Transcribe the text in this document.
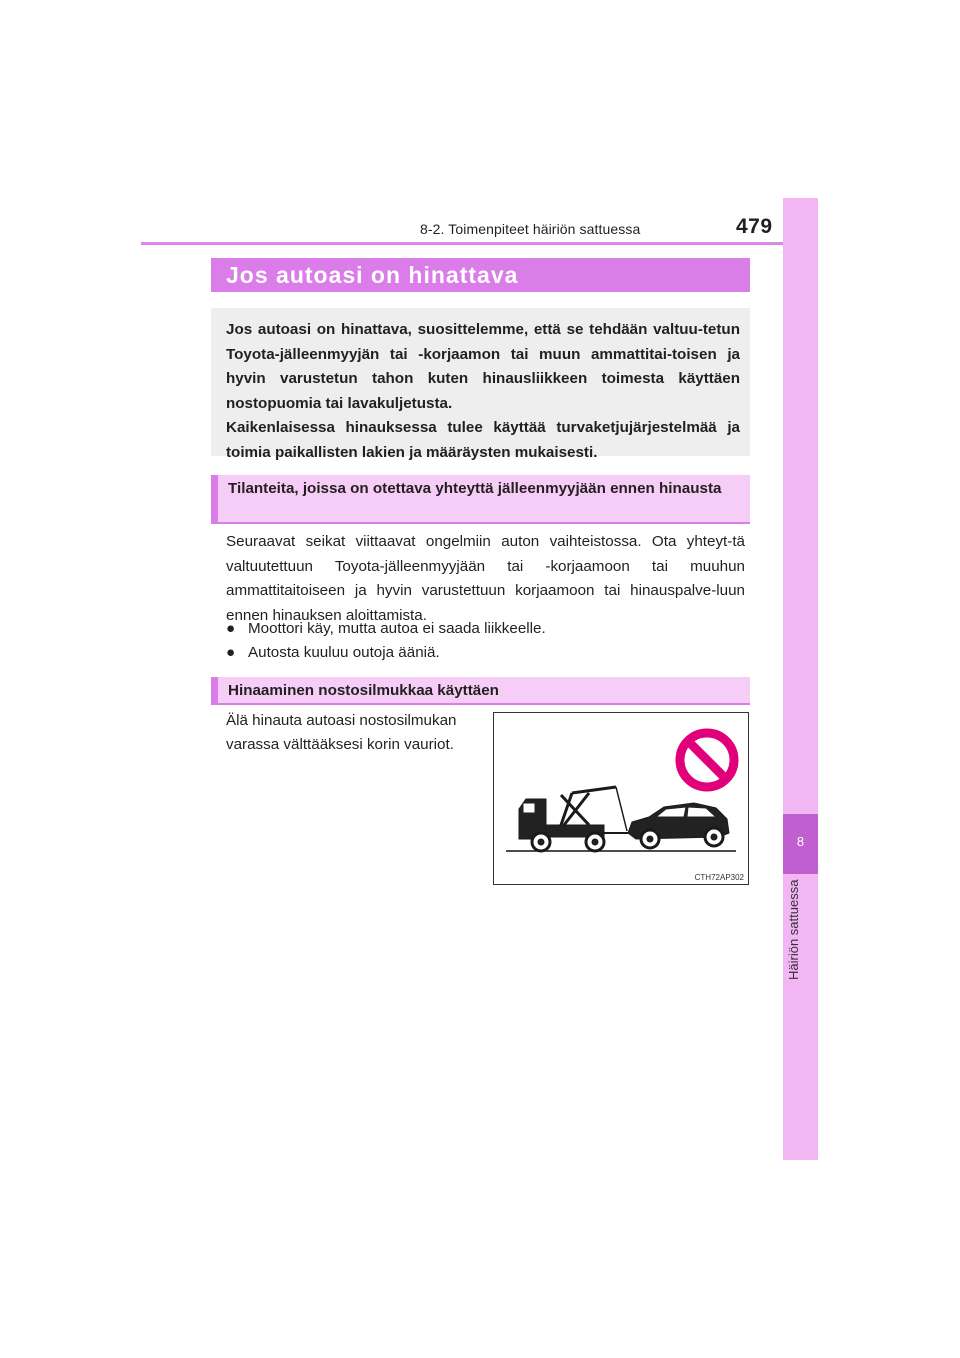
8-2. Toimenpiteet häiriön sattuessa	479
8
Häiriön sattuessa
Jos autoasi on hinattava

Jos autoasi on hinattava, suosittelemme, että se tehdään valtuu-tetun Toyota-jälleenmyyjän tai -korjaamon tai muun ammattitai-toisen ja hyvin varustetun tahon kuten hinausliikkeen toimesta käyttäen nostopuomia tai lavakuljetusta.

Kaikenlaisessa hinauksessa tulee käyttää turvaketjujärjestelmää ja toimia paikallisten lakien ja määräysten mukaisesti.

Tilanteita, joissa on otettava yhteyttä jälleenmyyjään ennen hinausta

Seuraavat seikat viittaavat ongelmiin auton vaihteistossa. Ota yhteyt-tä valtuutettuun Toyota-jälleenmyyjään tai -korjaamoon tai muuhun ammattitaitoiseen ja hyvin varustettuun korjaamoon tai hinauspalve-luun ennen hinauksen aloittamista.

● Moottori käy, mutta autoa ei saada liikkeelle.
● Autosta kuuluu outoja ääniä.
Hinaaminen nostosilmukkaa käyttäen
Älä hinauta autoasi nostosilmukan varassa välttääksesi korin vauriot.
CTH72AP302
